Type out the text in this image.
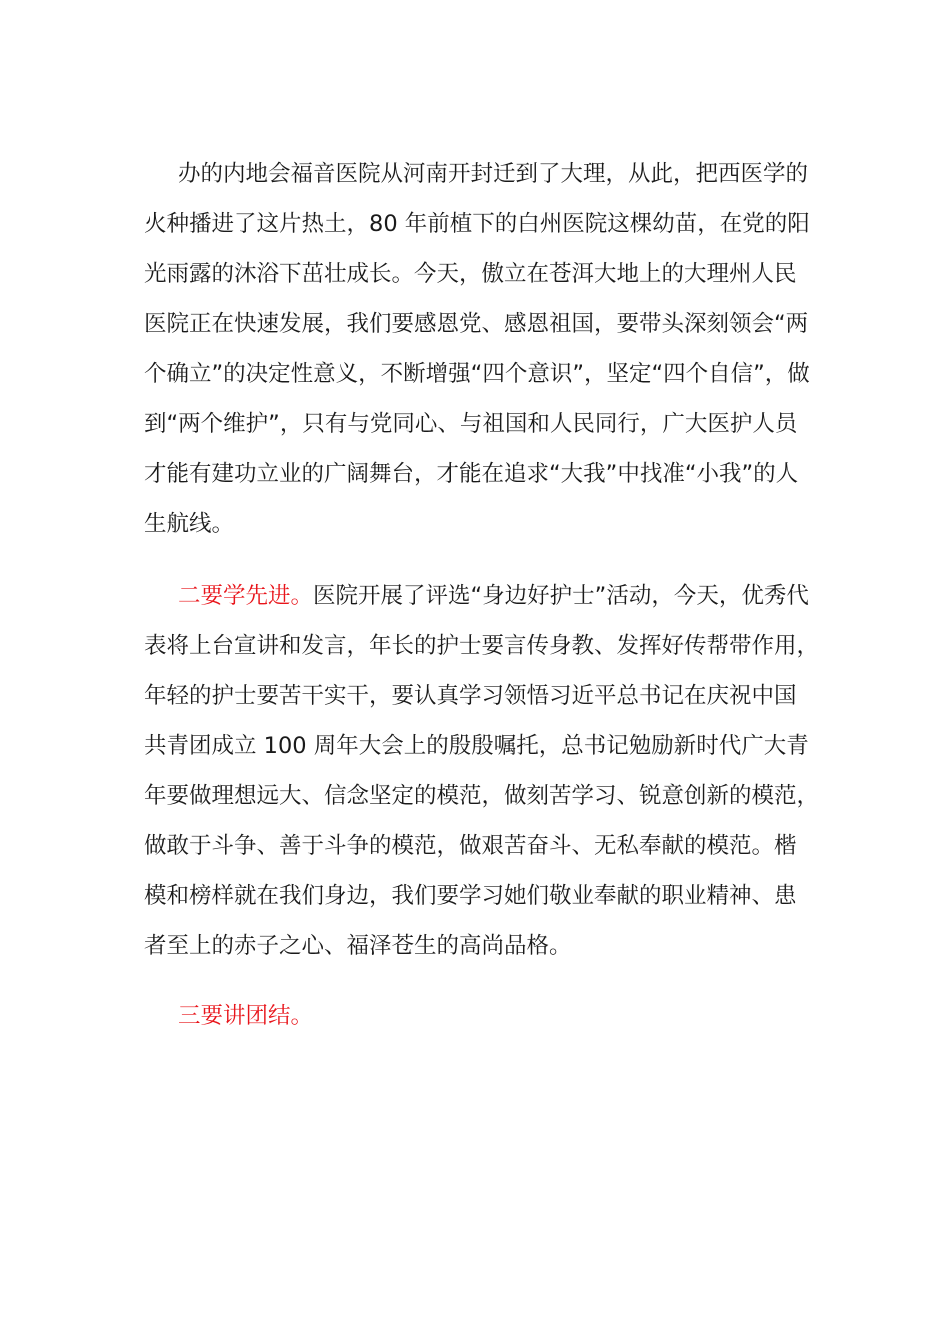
办的内地会福音医院从河南开封迁到了大理，从此，把西医学的
火种播进了这片热土，80 年前植下的白州医院这棵幼苗，在党的阳
光雨露的沐浴下茁壮成长。今天，傲立在苍洱大地上的大理州人民
医院正在快速发展，我们要感恩党、感恩祖国，要带头深刻领会“两
个确立”的决定性意义，不断增强“四个意识”，坚定“四个自信”，做
到“两个维护”，只有与党同心、与祖国和人民同行，广大医护人员
才能有建功立业的广阔舞台，才能在追求“大我”中找准“小我”的人
生航线。
二要学先进。医院开展了评选“身边好护士”活动，今天，优秀代
表将上台宣讲和发言，年长的护士要言传身教、发挥好传帮带作用，
年轻的护士要苦干实干，要认真学习领悟习近平总书记在庆祝中国
共青团成立 100 周年大会上的殷殷嘱托，总书记勉励新时代广大青
年要做理想远大、信念坚定的模范，做刻苦学习、锐意创新的模范，
做敢于斗争、善于斗争的模范，做艰苦奋斗、无私奉献的模范。楷
模和榜样就在我们身边，我们要学习她们敬业奉献的职业精神、患
者至上的赤子之心、福泽苍生的高尚品格。
三要讲团结。
